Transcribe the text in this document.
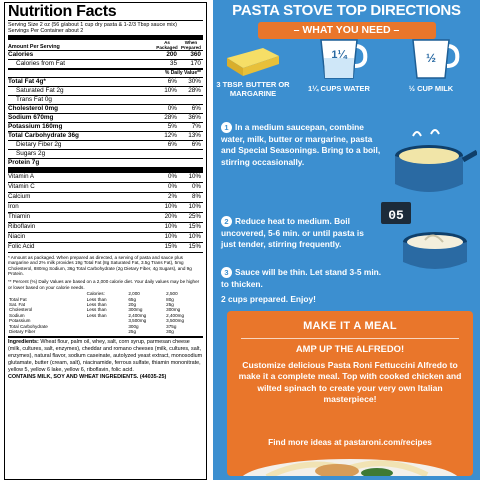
Nutrition Facts
Serving Size 2 oz (56 g/about 1 cup dry pasta & 1-2/3 Tbsp sauce mix)
Servings Per Container about 2
Amount Per Serving
As Packaged
When Prepared
Calories	200	360
Calories from Fat	35	170
% Daily Value**
Total Fat 4g*	6%	30%
Saturated Fat 2g	10%	28%
Trans Fat 0g
Cholesterol 0mg	0%	6%
Sodium 670mg	28%	36%
Potassium 160mg	5%	7%
Total Carbohydrate 36g	12%	13%
Dietary Fiber 2g	6%	6%
Sugars 2g
Protein 7g
Vitamin A	0%	10%
Vitamin C	0%	0%
Calcium	2%	8%
Iron	10%	10%
Thiamin	20%	25%
Riboflavin	10%	15%
Niacin	10%	10%
Folic Acid	15%	15%
* Amount as packaged. When prepared as directed, a serving of pasta and sauce plus margarine and 2% milk provides 19g Total Fat (8g Saturated Fat, 3.5g Trans Fat), 5mg Cholesterol, 880mg Sodium, 36g Total Carbohydrate (2g Dietary Fiber, 4g Sugars), and 9g Protein.
** Percent (%) Daily Values are based on a 2,000 calorie diet. Your daily values may be higher or lower based on your calorie needs.
	Calories:	2,000	2,500
Total Fat	Less than	65g	80g
Sat. Fat	Less than	20g	25g
Cholesterol	Less than	300mg	300mg
Sodium	Less than	2,400mg	2,400mg
Potassium		3,500mg	3,500mg
Total Carbohydrate		300g	375g
Dietary Fiber		25g	30g
Ingredients: Wheat flour, palm oil, whey, salt, corn syrup, parmesan cheese (milk, cultures, salt, enzymes), cheddar and romano cheeses (milk, cultures, salt, enzymes), natural flavor, sodium caseinate, autolyzed yeast extract, monosodium glutamate, butter (cream, salt), niacinamide, ferrous sulfate, thiamin mononitrate, yellow 5, yellow 6 lake, yellow 6, riboflavin, folic acid.
CONTAINS MILK, SOY AND WHEAT INGREDIENTS. (44035-25)
PASTA STOVE TOP DIRECTIONS
– WHAT YOU NEED –
3 TBSP. BUTTER OR MARGARINE
1¼
1¼ CUPS WATER
½
½ CUP MILK
05
1 In a medium saucepan, combine water, milk, butter or margarine, pasta and Special Seasonings. Bring to a boil, stirring occasionally.
2 Reduce heat to medium. Boil uncovered, 5-6 min. or until pasta is just tender, stirring frequently.
3 Sauce will be thin. Let stand 3-5 min. to thicken.
2 cups prepared. Enjoy!
MAKE IT A MEAL
AMP UP THE ALFREDO!
Customize delicious Pasta Roni Fettuccini Alfredo to make it a complete meal. Top with cooked chicken and wilted spinach to create your very own Italian masterpiece!
Find more ideas at pastaroni.com/recipes
